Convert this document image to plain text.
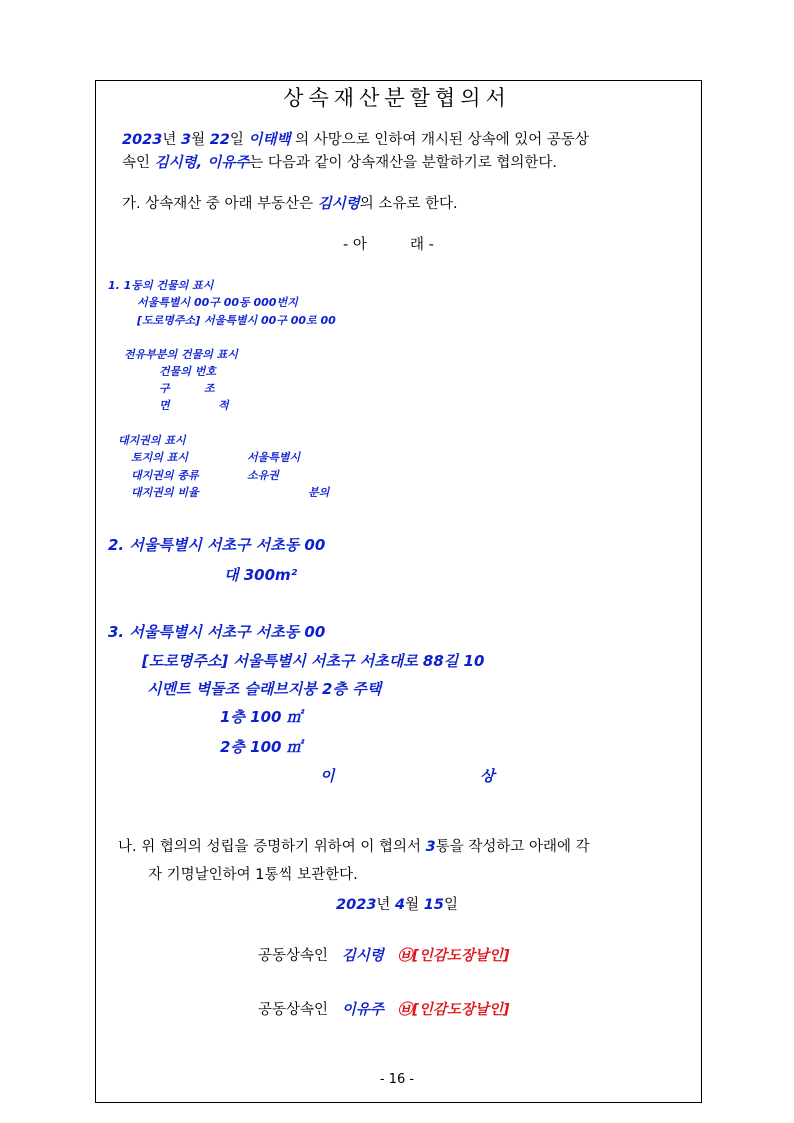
상속재산분할협의서
2023년 3월 22일 이태백 의 사망으로 인하여 개시된 상속에 있어 공동상
속인 김시령, 이유주는 다음과 같이 상속재산을 분할하기로 협의한다.
가. 상속재산 중 아래 부동산은 김시령의 소유로 한다.
- 아	래 -
1. 1동의 건물의 표시
서울특별시 00구 00동 000번지
[도로명주소] 서울특별시 00구 00로 00
전유부분의 건물의 표시
건물의 번호
구	조
면	적
대지권의 표시
토지의 표시	서울특별시
대지권의 종류	소유권
대지권의 비율	분의
2. 서울특별시 서초구 서초동 00
대 300m²
3. 서울특별시 서초구 서초동 00
[도로명주소] 서울특별시 서초구 서초대로 88길 10
시멘트 벽돌조 슬래브지붕 2층 주택
1층 100 ㎡
2층 100 ㎡
이	상
나. 위 협의의 성립을 증명하기 위하여 이 협의서 3통을 작성하고 아래에 각
자 기명날인하여 1통씩 보관한다.
2023년 4월 15일
공동상속인 김시령 ㉥[인감도장날인]
공동상속인 이유주 ㉥[인감도장날인]
- 16 -
